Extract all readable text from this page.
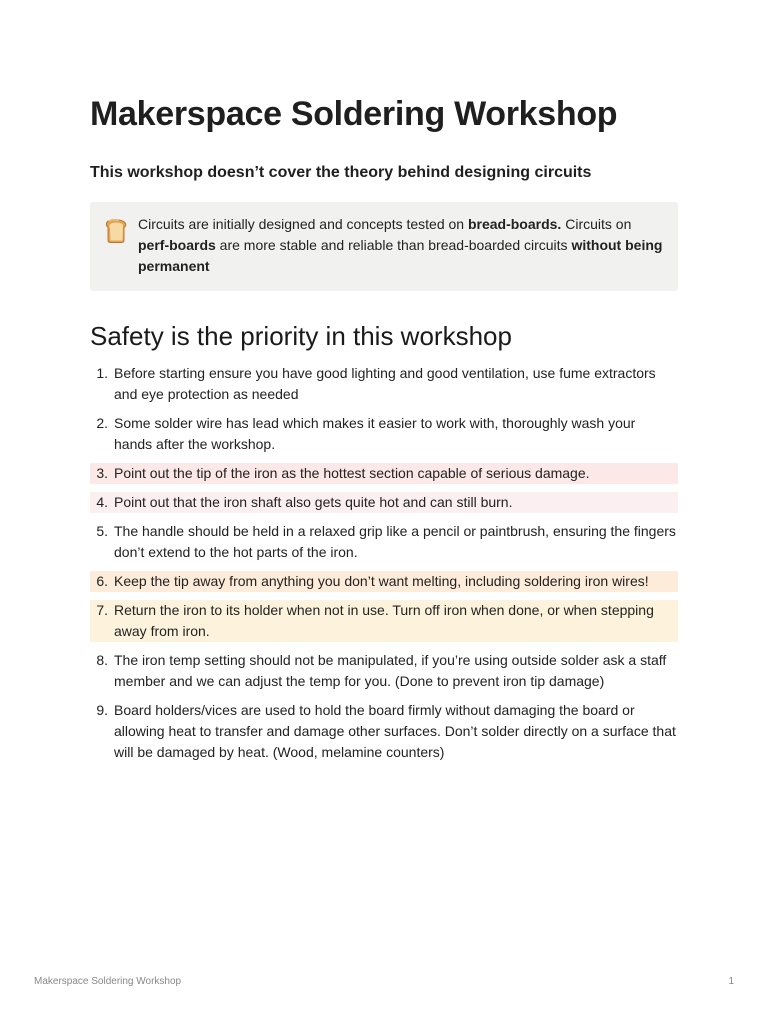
Makerspace Soldering Workshop
This workshop doesn’t cover the theory behind designing circuits
Circuits are initially designed and concepts tested on bread-boards. Circuits on perf-boards are more stable and reliable than bread-boarded circuits without being permanent
Safety is the priority in this workshop
1. Before starting ensure you have good lighting and good ventilation, use fume extractors and eye protection as needed
2. Some solder wire has lead which makes it easier to work with, thoroughly wash your hands after the workshop.
3. Point out the tip of the iron as the hottest section capable of serious damage.
4. Point out that the iron shaft also gets quite hot and can still burn.
5. The handle should be held in a relaxed grip like a pencil or paintbrush, ensuring the fingers don’t extend to the hot parts of the iron.
6. Keep the tip away from anything you don’t want melting, including soldering iron wires!
7. Return the iron to its holder when not in use. Turn off iron when done, or when stepping away from iron.
8. The iron temp setting should not be manipulated, if you’re using outside solder ask a staff member and we can adjust the temp for you. (Done to prevent iron tip damage)
9. Board holders/vices are used to hold the board firmly without damaging the board or allowing heat to transfer and damage other surfaces. Don’t solder directly on a surface that will be damaged by heat. (Wood, melamine counters)
Makerspace Soldering Workshop	1
